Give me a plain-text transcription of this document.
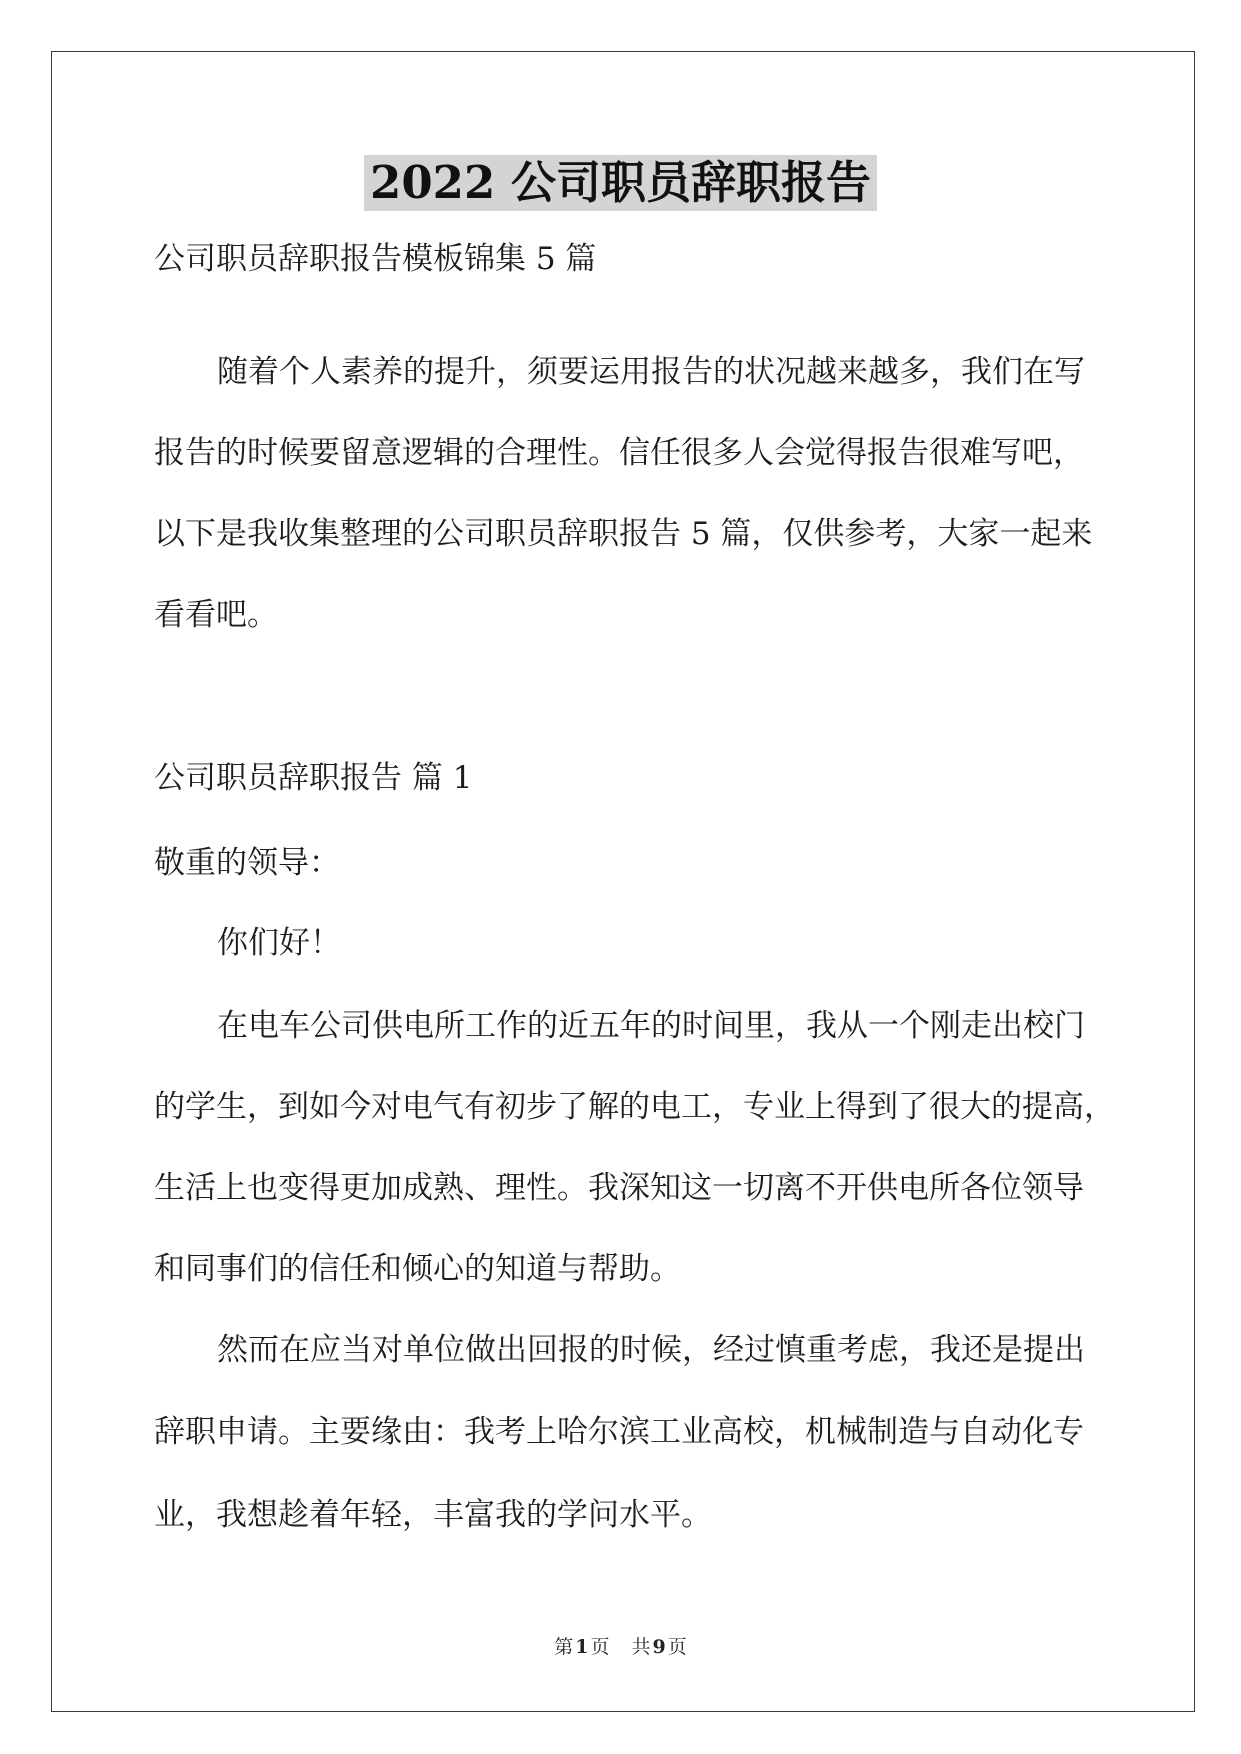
2022 公司职员辞职报告
公司职员辞职报告模板锦集 5 篇
随着个人素养的提升，须要运用报告的状况越来越多，我们在写
报告的时候要留意逻辑的合理性。信任很多人会觉得报告很难写吧，
以下是我收集整理的公司职员辞职报告 5 篇，仅供参考，大家一起来
看看吧。
公司职员辞职报告 篇 1
敬重的领导：
你们好！
在电车公司供电所工作的近五年的时间里，我从一个刚走出校门
的学生，到如今对电气有初步了解的电工，专业上得到了很大的提高，
生活上也变得更加成熟、理性。我深知这一切离不开供电所各位领导
和同事们的信任和倾心的知道与帮助。
然而在应当对单位做出回报的时候，经过慎重考虑，我还是提出
辞职申请。主要缘由：我考上哈尔滨工业高校，机械制造与自动化专
业，我想趁着年轻，丰富我的学问水平。
第 1 页 共 9 页
